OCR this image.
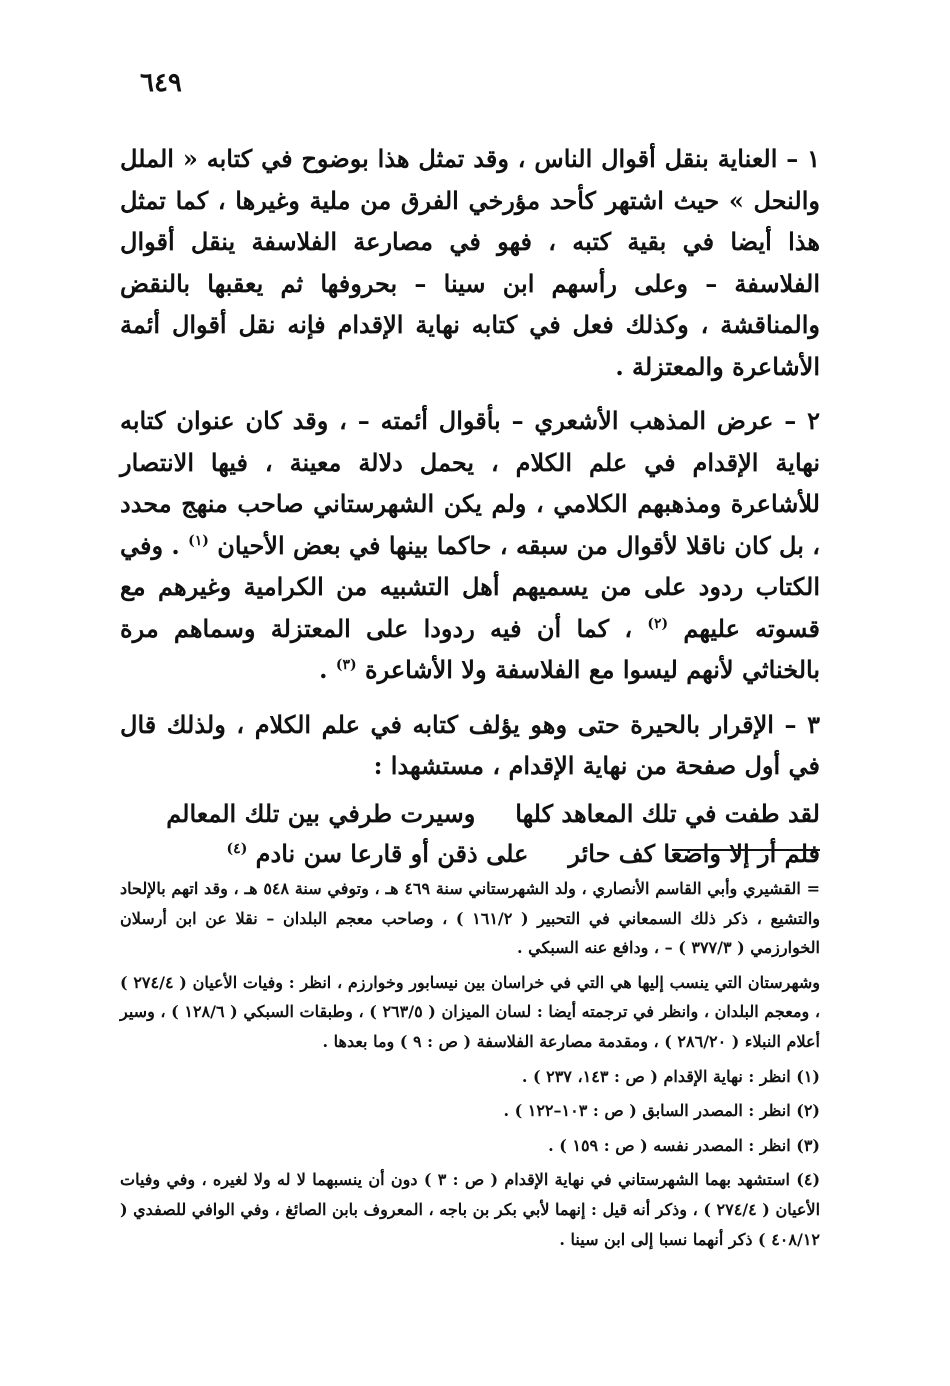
٦٤٩

١ – العناية بنقل أقوال الناس ، وقد تمثل هذا بوضوح في كتابه « الملل والنحل » حيث اشتهر كأحد مؤرخي الفرق من ملية وغيرها ، كما تمثل هذا أيضا في بقية كتبه ، فهو في مصارعة الفلاسفة ينقل أقوال الفلاسفة – وعلى رأسهم ابن سينا – بحروفها ثم يعقبها بالنقض والمناقشة ، وكذلك فعل في كتابه نهاية الإقدام فإنه نقل أقوال أئمة الأشاعرة والمعتزلة .

٢ – عرض المذهب الأشعري – بأقوال أئمته – ، وقد كان عنوان كتابه نهاية الإقدام في علم الكلام ، يحمل دلالة معينة ، فيها الانتصار للأشاعرة ومذهبهم الكلامي ، ولم يكن الشهرستاني صاحب منهج محدد ، بل كان ناقلا لأقوال من سبقه ، حاكما بينها في بعض الأحيان $^{(١)}$ . وفي الكتاب ردود على من يسميهم أهل التشبيه من الكرامية وغيرهم مع قسوته عليهم $^{(٢)}$ ، كما أن فيه ردودا على المعتزلة وسماهم مرة بالخناثي لأنهم ليسوا مع الفلاسفة ولا الأشاعرة $^{(٣)}$ .

٣ – الإقرار بالحيرة حتى وهو يؤلف كتابه في علم الكلام ، ولذلك قال في أول صفحة من نهاية الإقدام ، مستشهدا :

لقد طفت في تلك المعاهد كلها
وسيرت طرفي بين تلك المعالم
فلم أر إلا واضعا كف حائر
على ذقن أو قارعا سن نادم $^{(٤)}$

= القشيري وأبي القاسم الأنصاري ، ولد الشهرستاني سنة ٤٦٩ هـ ، وتوفي سنة ٥٤٨ هـ ، وقد اتهم بالإلحاد والتشيع ، ذكر ذلك السمعاني في التحبير ( ١٦١/٢ ) ، وصاحب معجم البلدان – نقلا عن ابن أرسلان الخوارزمي ( ٣٧٧/٣ ) – ، ودافع عنه السبكي .

وشهرستان التي ينسب إليها هي التي في خراسان بين نيسابور وخوارزم ، انظر : وفيات الأعيان ( ٢٧٤/٤ ) ، ومعجم البلدان ، وانظر في ترجمته أيضا : لسان الميزان ( ٢٦٣/٥ ) ، وطبقات السبكي ( ١٢٨/٦ ) ، وسير أعلام النبلاء ( ٢٨٦/٢٠ ) ، ومقدمة مصارعة الفلاسفة ( ص : ٩ ) وما بعدها .

(١) انظر : نهاية الإقدام ( ص : ١٤٣، ٢٣٧ ) .

(٢) انظر : المصدر السابق ( ص : ١٠٣–١٢٢ ) .

(٣) انظر : المصدر نفسه ( ص : ١٥٩ ) .

(٤) استشهد بهما الشهرستاني في نهاية الإقدام ( ص : ٣ ) دون أن ينسبهما لا له ولا لغيره ، وفي وفيات الأعيان ( ٢٧٤/٤ ) ، وذكر أنه قيل : إنهما لأبي بكر بن باجه ، المعروف بابن الصائغ ، وفي الوافي للصفدي ( ٤٠٨/١٢ ) ذكر أنهما نسبا إلى ابن سينا .
